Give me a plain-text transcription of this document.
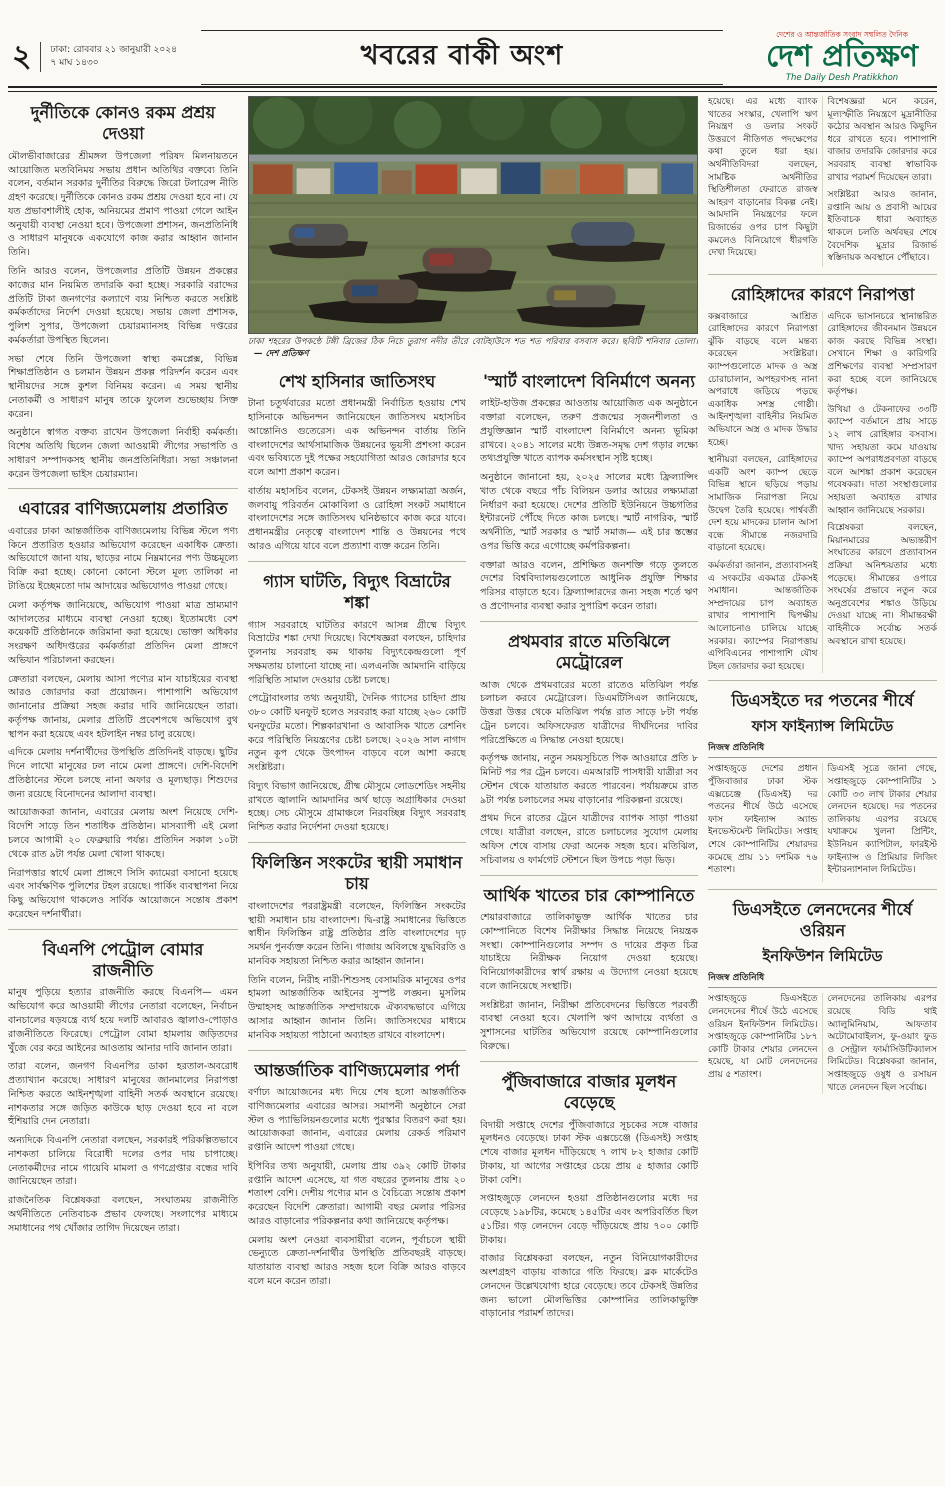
২	ঢাকা: রোববার ২১ জানুয়ারী ২০২৪
৭ মাঘ ১৪৩০	খবরের বাকী অংশ
দেশের ও আন্তর্জাতিক সংবাদ সম্বলিত দৈনিক
দেশ প্রতিক্ষণ
The Daily Desh Pratikkhon
দুর্নীতিকে কোনও রকম প্রশ্রয় দেওয়া

মৌলভীবাজারের শ্রীমঙ্গল উপজেলা পরিষদ মিলনায়তনে আয়োজিত মতবিনিময় সভায় প্রধান অতিথির বক্তব্যে তিনি বলেন, বর্তমান সরকার দুর্নীতির বিরুদ্ধে জিরো টলারেন্স নীতি গ্রহণ করেছে। দুর্নীতিকে কোনও রকম প্রশ্রয় দেওয়া হবে না। যে যত প্রভাবশালীই হোক, অনিয়মের প্রমাণ পাওয়া গেলে আইন অনুযায়ী ব্যবস্থা নেওয়া হবে। উপজেলা প্রশাসন, জনপ্রতিনিধি ও সাধারণ মানুষকে একযোগে কাজ করার আহ্বান জানান তিনি।

তিনি আরও বলেন, উপজেলার প্রতিটি উন্নয়ন প্রকল্পের কাজের মান নিয়মিত তদারকি করা হচ্ছে। সরকারি বরাদ্দের প্রতিটি টাকা জনগণের কল্যাণে ব্যয় নিশ্চিত করতে সংশ্লিষ্ট কর্মকর্তাদের নির্দেশ দেওয়া হয়েছে। সভায় জেলা প্রশাসক, পুলিশ সুপার, উপজেলা চেয়ারম্যানসহ বিভিন্ন দপ্তরের কর্মকর্তারা উপস্থিত ছিলেন।

সভা শেষে তিনি উপজেলা স্বাস্থ্য কমপ্লেক্স, বিভিন্ন শিক্ষাপ্রতিষ্ঠান ও চলমান উন্নয়ন প্রকল্প পরিদর্শন করেন এবং স্থানীয়দের সঙ্গে কুশল বিনিময় করেন। এ সময় স্থানীয় নেতাকর্মী ও সাধারণ মানুষ তাকে ফুলেল শুভেচ্ছায় সিক্ত করেন।

অনুষ্ঠানে স্বাগত বক্তব্য রাখেন উপজেলা নির্বাহী কর্মকর্তা। বিশেষ অতিথি ছিলেন জেলা আওয়ামী লীগের সভাপতি ও সাধারণ সম্পাদকসহ স্থানীয় জনপ্রতিনিধিরা। সভা সঞ্চালনা করেন উপজেলা ভাইস চেয়ারম্যান।

এবারের বাণিজ্যমেলায় প্রতারিত

এবারের ঢাকা আন্তর্জাতিক বাণিজ্যমেলায় বিভিন্ন স্টলে পণ্য কিনে প্রতারিত হওয়ার অভিযোগ করেছেন একাধিক ক্রেতা। অভিযোগে জানা যায়, ছাড়ের নামে নিম্নমানের পণ্য উচ্চমূল্যে বিক্রি করা হচ্ছে। কোনো কোনো স্টলে মূল্য তালিকা না টাঙিয়ে ইচ্ছেমতো দাম আদায়ের অভিযোগও পাওয়া গেছে।

মেলা কর্তৃপক্ষ জানিয়েছে, অভিযোগ পাওয়া মাত্র ভ্রাম্যমাণ আদালতের মাধ্যমে ব্যবস্থা নেওয়া হচ্ছে। ইতোমধ্যে বেশ কয়েকটি প্রতিষ্ঠানকে জরিমানা করা হয়েছে। ভোক্তা অধিকার সংরক্ষণ অধিদপ্তরের কর্মকর্তারা প্রতিদিন মেলা প্রাঙ্গণে অভিযান পরিচালনা করছেন।

ক্রেতারা বলছেন, মেলায় আসা পণ্যের মান যাচাইয়ের ব্যবস্থা আরও জোরদার করা প্রয়োজন। পাশাপাশি অভিযোগ জানানোর প্রক্রিয়া সহজ করার দাবি জানিয়েছেন তারা। কর্তৃপক্ষ জানায়, মেলার প্রতিটি প্রবেশপথে অভিযোগ বুথ স্থাপন করা হয়েছে এবং হটলাইন নম্বর চালু রয়েছে।

এদিকে মেলায় দর্শনার্থীদের উপস্থিতি প্রতিদিনই বাড়ছে। ছুটির দিনে লাখো মানুষের ঢল নামে মেলা প্রাঙ্গণে। দেশি-বিদেশি প্রতিষ্ঠানের স্টলে চলছে নানা অফার ও মূল্যছাড়। শিশুদের জন্য রয়েছে বিনোদনের আলাদা ব্যবস্থা।

আয়োজকরা জানান, এবারের মেলায় অংশ নিয়েছে দেশি-বিদেশি সাড়ে তিন শতাধিক প্রতিষ্ঠান। মাসব্যাপী এই মেলা চলবে আগামী ২০ ফেব্রুয়ারি পর্যন্ত। প্রতিদিন সকাল ১০টা থেকে রাত ৯টা পর্যন্ত মেলা খোলা থাকছে।

নিরাপত্তার স্বার্থে মেলা প্রাঙ্গণে সিসি ক্যামেরা বসানো হয়েছে এবং সার্বক্ষণিক পুলিশের টহল রয়েছে। পার্কিং ব্যবস্থাপনা নিয়ে কিছু অভিযোগ থাকলেও সার্বিক আয়োজনে সন্তোষ প্রকাশ করেছেন দর্শনার্থীরা।

বিএনপি পেট্রোল বোমার রাজনীতি

মানুষ পুড়িয়ে হত্যার রাজনীতি করছে বিএনপি— এমন অভিযোগ করে আওয়ামী লীগের নেতারা বলেছেন, নির্বাচন বানচালের ষড়যন্ত্রে ব্যর্থ হয়ে দলটি আবারও জ্বালাও-পোড়াও রাজনীতিতে ফিরেছে। পেট্রোল বোমা হামলায় জড়িতদের খুঁজে বের করে আইনের আওতায় আনার দাবি জানান তারা।

তারা বলেন, জনগণ বিএনপির ডাকা হরতাল-অবরোধ প্রত্যাখ্যান করেছে। সাধারণ মানুষের জানমালের নিরাপত্তা নিশ্চিত করতে আইনশৃঙ্খলা বাহিনী সতর্ক অবস্থানে রয়েছে। নাশকতার সঙ্গে জড়িত কাউকে ছাড় দেওয়া হবে না বলে হুঁশিয়ারি দেন নেতারা।

অন্যদিকে বিএনপি নেতারা বলছেন, সরকারই পরিকল্পিতভাবে নাশকতা চালিয়ে বিরোধী দলের ওপর দায় চাপাচ্ছে। নেতাকর্মীদের নামে গায়েবি মামলা ও গণগ্রেপ্তার বন্ধের দাবি জানিয়েছেন তারা।

রাজনৈতিক বিশ্লেষকরা বলছেন, সংঘাতময় রাজনীতি অর্থনীতিতে নেতিবাচক প্রভাব ফেলছে। সংলাপের মাধ্যমে সমাধানের পথ খোঁজার তাগিদ দিয়েছেন তারা।

ঢাকা শহরের উপকন্ঠে টঙ্গী ব্রিজের ঠিক নিচে তুরাগ নদীর তীরে বোটহাউসে শত শত পরিবার বসবাস করে। ছবিটি শনিবার তোলা। — দেশ প্রতিক্ষণ
শেখ হাসিনার জাতিসংঘ

টানা চতুর্থবারের মতো প্রধানমন্ত্রী নির্বাচিত হওয়ায় শেখ হাসিনাকে অভিনন্দন জানিয়েছেন জাতিসংঘ মহাসচিব আন্তোনিও গুতেরেস। এক অভিনন্দন বার্তায় তিনি বাংলাদেশের আর্থসামাজিক উন্নয়নের ভূয়সী প্রশংসা করেন এবং ভবিষ্যতে দুই পক্ষের সহযোগিতা আরও জোরদার হবে বলে আশা প্রকাশ করেন।

বার্তায় মহাসচিব বলেন, টেকসই উন্নয়ন লক্ষ্যমাত্রা অর্জন, জলবায়ু পরিবর্তন মোকাবিলা ও রোহিঙ্গা সংকট সমাধানে বাংলাদেশের সঙ্গে জাতিসংঘ ঘনিষ্ঠভাবে কাজ করে যাবে। প্রধানমন্ত্রীর নেতৃত্বে বাংলাদেশ শান্তি ও উন্নয়নের পথে আরও এগিয়ে যাবে বলে প্রত্যাশা ব্যক্ত করেন তিনি।

গ্যাস ঘাটতি, বিদ্যুৎ বিভ্রাটের শঙ্কা

গ্যাস সরবরাহে ঘাটতির কারণে আসন্ন গ্রীষ্মে বিদ্যুৎ বিভ্রাটের শঙ্কা দেখা দিয়েছে। বিশেষজ্ঞরা বলছেন, চাহিদার তুলনায় সরবরাহ কম থাকায় বিদ্যুৎকেন্দ্রগুলো পূর্ণ সক্ষমতায় চালানো যাচ্ছে না। এলএনজি আমদানি বাড়িয়ে পরিস্থিতি সামাল দেওয়ার চেষ্টা চলছে।

পেট্রোবাংলার তথ্য অনুযায়ী, দৈনিক গ্যাসের চাহিদা প্রায় ৩৮০ কোটি ঘনফুট হলেও সরবরাহ করা যাচ্ছে ২৬০ কোটি ঘনফুটের মতো। শিল্পকারখানা ও আবাসিক খাতে রেশনিং করে পরিস্থিতি নিয়ন্ত্রণের চেষ্টা চলছে। ২০২৬ সাল নাগাদ নতুন কূপ থেকে উৎপাদন বাড়বে বলে আশা করছে সংশ্লিষ্টরা।

বিদ্যুৎ বিভাগ জানিয়েছে, গ্রীষ্ম মৌসুমে লোডশেডিং সহনীয় রাখতে জ্বালানি আমদানির অর্থ ছাড়ে অগ্রাধিকার দেওয়া হচ্ছে। সেচ মৌসুমে গ্রামাঞ্চলে নিরবচ্ছিন্ন বিদ্যুৎ সরবরাহ নিশ্চিত করার নির্দেশনা দেওয়া হয়েছে।

ফিলিস্তিন সংকটের স্থায়ী সমাধান চায়

বাংলাদেশের পররাষ্ট্রমন্ত্রী বলেছেন, ফিলিস্তিন সংকটের স্থায়ী সমাধান চায় বাংলাদেশ। দ্বি-রাষ্ট্র সমাধানের ভিত্তিতে স্বাধীন ফিলিস্তিন রাষ্ট্র প্রতিষ্ঠার প্রতি বাংলাদেশের দৃঢ় সমর্থন পুনর্ব্যক্ত করেন তিনি। গাজায় অবিলম্বে যুদ্ধবিরতি ও মানবিক সহায়তা নিশ্চিত করার আহ্বান জানান।

তিনি বলেন, নিরীহ নারী-শিশুসহ বেসামরিক মানুষের ওপর হামলা আন্তর্জাতিক আইনের সুস্পষ্ট লঙ্ঘন। মুসলিম উম্মাহসহ আন্তর্জাতিক সম্প্রদায়কে ঐক্যবদ্ধভাবে এগিয়ে আসার আহ্বান জানান তিনি। জাতিসংঘের মাধ্যমে মানবিক সহায়তা পাঠানো অব্যাহত রাখবে বাংলাদেশ।

আন্তর্জাতিক বাণিজ্যমেলার পর্দা

বর্ণাঢ্য আয়োজনের মধ্য দিয়ে শেষ হলো আন্তর্জাতিক বাণিজ্যমেলার এবারের আসর। সমাপনী অনুষ্ঠানে সেরা স্টল ও প্যাভিলিয়নগুলোর মধ্যে পুরস্কার বিতরণ করা হয়। আয়োজকরা জানান, এবারের মেলায় রেকর্ড পরিমাণ রপ্তানি আদেশ পাওয়া গেছে।

ইপিবির তথ্য অনুযায়ী, মেলায় প্রায় ৩৯২ কোটি টাকার রপ্তানি আদেশ এসেছে, যা গত বছরের তুলনায় প্রায় ২০ শতাংশ বেশি। দেশীয় পণ্যের মান ও বৈচিত্র্যে সন্তোষ প্রকাশ করেছেন বিদেশি ক্রেতারা। আগামী বছর মেলার পরিসর আরও বাড়ানোর পরিকল্পনার কথা জানিয়েছে কর্তৃপক্ষ।

মেলায় অংশ নেওয়া ব্যবসায়ীরা বলেন, পূর্বাচলে স্থায়ী ভেন্যুতে ক্রেতা-দর্শনার্থীর উপস্থিতি প্রতিবছরই বাড়ছে। যাতায়াত ব্যবস্থা আরও সহজ হলে বিক্রি আরও বাড়বে বলে মনে করেন তারা।

'স্মার্ট বাংলাদেশ বিনির্মাণে অনন্য

লাইট-হাউজ প্রকল্পের আওতায় আয়োজিত এক অনুষ্ঠানে বক্তারা বলেছেন, তরুণ প্রজন্মের সৃজনশীলতা ও প্রযুক্তিজ্ঞান স্মার্ট বাংলাদেশ বিনির্মাণে অনন্য ভূমিকা রাখবে। ২০৪১ সালের মধ্যে উন্নত-সমৃদ্ধ দেশ গড়ার লক্ষ্যে তথ্যপ্রযুক্তি খাতে ব্যাপক কর্মসংস্থান সৃষ্টি হচ্ছে।

অনুষ্ঠানে জানানো হয়, ২০২৫ সালের মধ্যে ফ্রিল্যান্সিং খাত থেকে বছরে পাঁচ বিলিয়ন ডলার আয়ের লক্ষ্যমাত্রা নির্ধারণ করা হয়েছে। দেশের প্রতিটি ইউনিয়নে উচ্চগতির ইন্টারনেট পৌঁছে দিতে কাজ চলছে। স্মার্ট নাগরিক, স্মার্ট অর্থনীতি, স্মার্ট সরকার ও স্মার্ট সমাজ— এই চার স্তম্ভের ওপর ভিত্তি করে এগোচ্ছে কর্মপরিকল্পনা।

বক্তারা আরও বলেন, প্রশিক্ষিত জনশক্তি গড়ে তুলতে দেশের বিশ্ববিদ্যালয়গুলোতে আধুনিক প্রযুক্তি শিক্ষার পরিসর বাড়াতে হবে। ফ্রিল্যান্সারদের জন্য সহজ শর্তে ঋণ ও প্রণোদনার ব্যবস্থা করার সুপারিশ করেন তারা।

প্রথমবার রাতে মতিঝিলে মেট্রোরেল

আজ থেকে প্রথমবারের মতো রাতেও মতিঝিল পর্যন্ত চলাচল করবে মেট্রোরেল। ডিএমটিসিএল জানিয়েছে, উত্তরা উত্তর থেকে মতিঝিল পর্যন্ত রাত সাড়ে ৮টা পর্যন্ত ট্রেন চলবে। অফিসফেরত যাত্রীদের দীর্ঘদিনের দাবির পরিপ্রেক্ষিতে এ সিদ্ধান্ত নেওয়া হয়েছে।

কর্তৃপক্ষ জানায়, নতুন সময়সূচিতে পিক আওয়ারে প্রতি ৮ মিনিট পর পর ট্রেন চলবে। এমআরটি পাসধারী যাত্রীরা সব স্টেশন থেকে যাতায়াত করতে পারবেন। পর্যায়ক্রমে রাত ৯টা পর্যন্ত চলাচলের সময় বাড়ানোর পরিকল্পনা রয়েছে।

প্রথম দিনে রাতের ট্রেনে যাত্রীদের ব্যাপক সাড়া পাওয়া গেছে। যাত্রীরা বলছেন, রাতে চলাচলের সুযোগ মেলায় অফিস শেষে বাসায় ফেরা অনেক সহজ হবে। মতিঝিল, সচিবালয় ও ফার্মগেট স্টেশনে ছিল উপচে পড়া ভিড়।

আর্থিক খাতের চার কোম্পানিতে

শেয়ারবাজারে তালিকাভুক্ত আর্থিক খাতের চার কোম্পানিতে বিশেষ নিরীক্ষার সিদ্ধান্ত নিয়েছে নিয়ন্ত্রক সংস্থা। কোম্পানিগুলোর সম্পদ ও দায়ের প্রকৃত চিত্র যাচাইয়ে নিরীক্ষক নিয়োগ দেওয়া হয়েছে। বিনিয়োগকারীদের স্বার্থ রক্ষায় এ উদ্যোগ নেওয়া হয়েছে বলে জানিয়েছে সংস্থাটি।

সংশ্লিষ্টরা জানান, নিরীক্ষা প্রতিবেদনের ভিত্তিতে পরবর্তী ব্যবস্থা নেওয়া হবে। খেলাপি ঋণ আদায়ে ব্যর্থতা ও সুশাসনের ঘাটতির অভিযোগ রয়েছে কোম্পানিগুলোর বিরুদ্ধে।

পুঁজিবাজারে বাজার মূলধন বেড়েছে

বিদায়ী সপ্তাহে দেশের পুঁজিবাজারে সূচকের সঙ্গে বাজার মূলধনও বেড়েছে। ঢাকা স্টক এক্সচেঞ্জে (ডিএসই) সপ্তাহ শেষে বাজার মূলধন দাঁড়িয়েছে ৭ লাখ ৮২ হাজার কোটি টাকায়, যা আগের সপ্তাহের চেয়ে প্রায় ৫ হাজার কোটি টাকা বেশি।

সপ্তাহজুড়ে লেনদেন হওয়া প্রতিষ্ঠানগুলোর মধ্যে দর বেড়েছে ১৯৮টির, কমেছে ১৪৫টির এবং অপরিবর্তিত ছিল ৫১টির। গড় লেনদেন বেড়ে দাঁড়িয়েছে প্রায় ৭০০ কোটি টাকায়।

বাজার বিশ্লেষকরা বলছেন, নতুন বিনিয়োগকারীদের অংশগ্রহণ বাড়ায় বাজারে গতি ফিরছে। ব্লক মার্কেটেও লেনদেন উল্লেখযোগ্য হারে বেড়েছে। তবে টেকসই উন্নতির জন্য ভালো মৌলভিত্তির কোম্পানির তালিকাভুক্তি বাড়ানোর পরামর্শ তাদের।

হয়েছে। এর মধ্যে ব্যাংক খাতের সংস্কার, খেলাপি ঋণ নিয়ন্ত্রণ ও ডলার সংকট উত্তরণে নীতিগত পদক্ষেপের কথা তুলে ধরা হয়। অর্থনীতিবিদরা বলছেন, সামষ্টিক অর্থনীতির স্থিতিশীলতা ফেরাতে রাজস্ব আহরণ বাড়ানোর বিকল্প নেই। আমদানি নিয়ন্ত্রণের ফলে রিজার্ভের ওপর চাপ কিছুটা কমলেও বিনিয়োগে ধীরগতি দেখা দিয়েছে।

বিশেষজ্ঞরা মনে করেন, মূল্যস্ফীতি নিয়ন্ত্রণে মুদ্রানীতির কঠোর অবস্থান আরও কিছুদিন ধরে রাখতে হবে। পাশাপাশি বাজার তদারকি জোরদার করে সরবরাহ ব্যবস্থা স্বাভাবিক রাখার পরামর্শ দিয়েছেন তারা।

সংশ্লিষ্টরা আরও জানান, রপ্তানি আয় ও প্রবাসী আয়ের ইতিবাচক ধারা অব্যাহত থাকলে চলতি অর্থবছর শেষে বৈদেশিক মুদ্রার রিজার্ভ স্বস্তিদায়ক অবস্থানে পৌঁছাবে।

রোহিঙ্গাদের কারণে নিরাপত্তা

কক্সবাজারে আশ্রিত রোহিঙ্গাদের কারণে নিরাপত্তা ঝুঁকি বাড়ছে বলে মন্তব্য করেছেন সংশ্লিষ্টরা। ক্যাম্পগুলোতে মাদক ও অস্ত্র চোরাচালান, অপহরণসহ নানা অপরাধে জড়িয়ে পড়ছে একাধিক সশস্ত্র গোষ্ঠী। আইনশৃঙ্খলা বাহিনীর নিয়মিত অভিযানে অস্ত্র ও মাদক উদ্ধার হচ্ছে।

স্থানীয়রা বলছেন, রোহিঙ্গাদের একটি অংশ ক্যাম্প ছেড়ে বিভিন্ন স্থানে ছড়িয়ে পড়ায় সামাজিক নিরাপত্তা নিয়ে উদ্বেগ তৈরি হয়েছে। পার্শ্ববর্তী দেশ হয়ে মাদকের চালান আসা বন্ধে সীমান্তে নজরদারি বাড়ানো হয়েছে।

কর্মকর্তারা জানান, প্রত্যাবাসনই এ সংকটের একমাত্র টেকসই সমাধান। আন্তর্জাতিক সম্প্রদায়ের চাপ অব্যাহত রাখার পাশাপাশি দ্বিপক্ষীয় আলোচনাও চালিয়ে যাচ্ছে সরকার। ক্যাম্পের নিরাপত্তায় এপিবিএনের পাশাপাশি যৌথ টহল জোরদার করা হয়েছে।

এদিকে ভাসানচরে স্থানান্তরিত রোহিঙ্গাদের জীবনমান উন্নয়নে কাজ করছে বিভিন্ন সংস্থা। সেখানে শিক্ষা ও কারিগরি প্রশিক্ষণের ব্যবস্থা সম্প্রসারণ করা হচ্ছে বলে জানিয়েছে কর্তৃপক্ষ।

উখিয়া ও টেকনাফের ৩৩টি ক্যাম্পে বর্তমানে প্রায় সাড়ে ১২ লাখ রোহিঙ্গার বসবাস। খাদ্য সহায়তা কমে যাওয়ায় ক্যাম্পে অপরাধপ্রবণতা বাড়ছে বলে আশঙ্কা প্রকাশ করেছেন গবেষকরা। দাতা সংস্থাগুলোর সহায়তা অব্যাহত রাখার আহ্বান জানিয়েছে সরকার।

বিশ্লেষকরা বলছেন, মিয়ানমারের অভ্যন্তরীণ সংঘাতের কারণে প্রত্যাবাসন প্রক্রিয়া অনিশ্চয়তার মধ্যে পড়েছে। সীমান্তের ওপারে সংঘর্ষের প্রভাবে নতুন করে অনুপ্রবেশের শঙ্কাও উড়িয়ে দেওয়া যাচ্ছে না। সীমান্তরক্ষী বাহিনীকে সর্বোচ্চ সতর্ক অবস্থানে রাখা হয়েছে।

ডিএসইতে দর পতনের শীর্ষে
ফাস ফাইন্যান্স লিমিটেড
নিজস্ব প্রতিনিধি

সপ্তাহজুড়ে দেশের প্রধান পুঁজিবাজার ঢাকা স্টক এক্সচেঞ্জে (ডিএসই) দর পতনের শীর্ষে উঠে এসেছে ফাস ফাইন্যান্স অ্যান্ড ইনভেস্টমেন্ট লিমিটেড। সপ্তাহ শেষে কোম্পানিটির শেয়ারদর কমেছে প্রায় ১১ দশমিক ৭৬ শতাংশ।

ডিএসই সূত্রে জানা গেছে, সপ্তাহজুড়ে কোম্পানিটির ১ কোটি ৩৩ লাখ টাকার শেয়ার লেনদেন হয়েছে। দর পতনের তালিকায় এরপর রয়েছে যথাক্রমে খুলনা প্রিন্টিং, ইউনিয়ন ক্যাপিটাল, ফারইস্ট ফাইন্যান্স ও প্রিমিয়ার লিজিং ইন্টারন্যাশনাল লিমিটেড।

ডিএসইতে লেনদেনের শীর্ষে ওরিয়ন
ইনফিউশন লিমিটেড
নিজস্ব প্রতিনিধি

সপ্তাহজুড়ে ডিএসইতে লেনদেনের শীর্ষে উঠে এসেছে ওরিয়ন ইনফিউশন লিমিটেড। সপ্তাহজুড়ে কোম্পানিটির ১৮৭ কোটি টাকার শেয়ার লেনদেন হয়েছে, যা মোট লেনদেনের প্রায় ৫ শতাংশ।

লেনদেনের তালিকায় এরপর রয়েছে বিডি থাই অ্যালুমিনিয়াম, আফতাব অটোমোবাইলস, ফু-ওয়াং ফুড ও সেন্ট্রাল ফার্মাসিউটিক্যালস লিমিটেড। বিশ্লেষকরা জানান, সপ্তাহজুড়ে ওষুধ ও রসায়ন খাতে লেনদেন ছিল সর্বোচ্চ।
